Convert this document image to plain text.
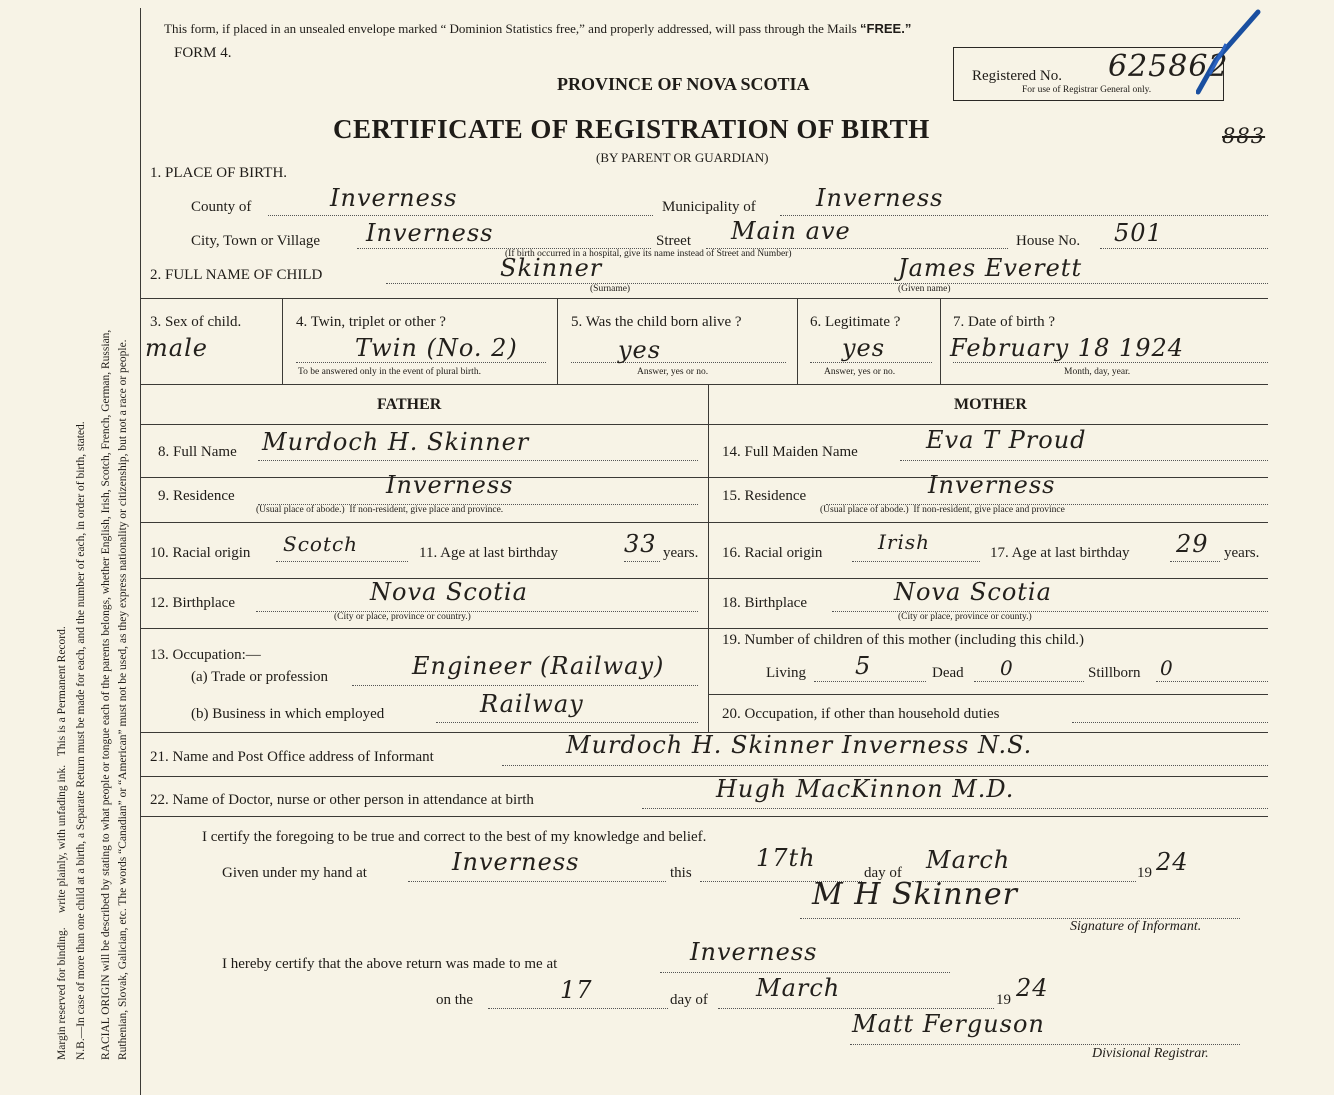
Margin reserved for binding.     write plainly, with unfading ink.   This is a Permanent Record. N.B.—In case of more than one child at a birth, a Separate Return must be made for each, and the number of each, in order of birth, stated. RACIAL ORIGIN will be described by stating to what people or tongue each of the parents belongs, whether English, Irish, Scotch, French, German, Russian, Ruthenian, Slovak, Galician, etc. The words “Canadian” or “American” must not be used, as they express nationality or citizenship, but not a race or people.
This form, if placed in an unsealed envelope marked “ Dominion Statistics free,” and properly addressed, will pass through the Mails “FREE.”
FORM 4.
PROVINCE OF NOVA SCOTIA
CERTIFICATE OF REGISTRATION OF BIRTH
(BY PARENT OR GUARDIAN)
Registered No. 625862
For use of Registrar General only.
883
1. PLACE OF BIRTH.
County of	Inverness	Municipality of	Inverness
City, Town or Village Inverness	Street Main ave	House No. 501
(If birth occurred in a hospital, give its name instead of Street and Number)
2. FULL NAME OF CHILD	Skinner
(Surname)
James Everett
(Given name)
3. Sex of child.
male
4. Twin, triplet or other ?
Twin (No. 2)
To be answered only in the event of plural birth.
5. Was the child born alive ?
yes
Answer, yes or no.
6. Legitimate ?
yes
Answer, yes or no.
7. Date of birth ?
February 18 1924
Month, day, year.
FATHER	MOTHER
8. Full Name Murdoch H. Skinner	14. Full Maiden Name	Eva T Proud
9. Residence	Inverness
(Usual place of abode.) If non-resident, give place and province.
15. Residence	Inverness
(Usual place of abode.) If non-resident, give place and province
10. Racial origin Scotch	11. Age at last birthday	33 years. 16. Racial origin	Irish	17. Age at last birthday 29 years.
12. Birthplace	Nova Scotia
(City or place, province or country.)
18. Birthplace	Nova Scotia
(City or place, province or county.)
13. Occupation:—
(a) Trade or profession	Engineer (Railway)
(b) Business in which employed	Railway
19. Number of children of this mother (including this child.)
Living 5	Dead 0	Stillborn 0
20. Occupation, if other than household duties
21. Name and Post Office address of Informant	Murdoch H. Skinner Inverness N.S.
22. Name of Doctor, nurse or other person in attendance at birth	Hugh MacKinnon M.D.
I certify the foregoing to be true and correct to the best of my knowledge and belief.
Given under my hand at	Inverness	this
17th
day of March	19 24
M H Skinner
Signature of Informant.
I hereby certify that the above return was made to me at	Inverness
on the	17	day of March	19 24
Matt Ferguson
Divisional Registrar.
